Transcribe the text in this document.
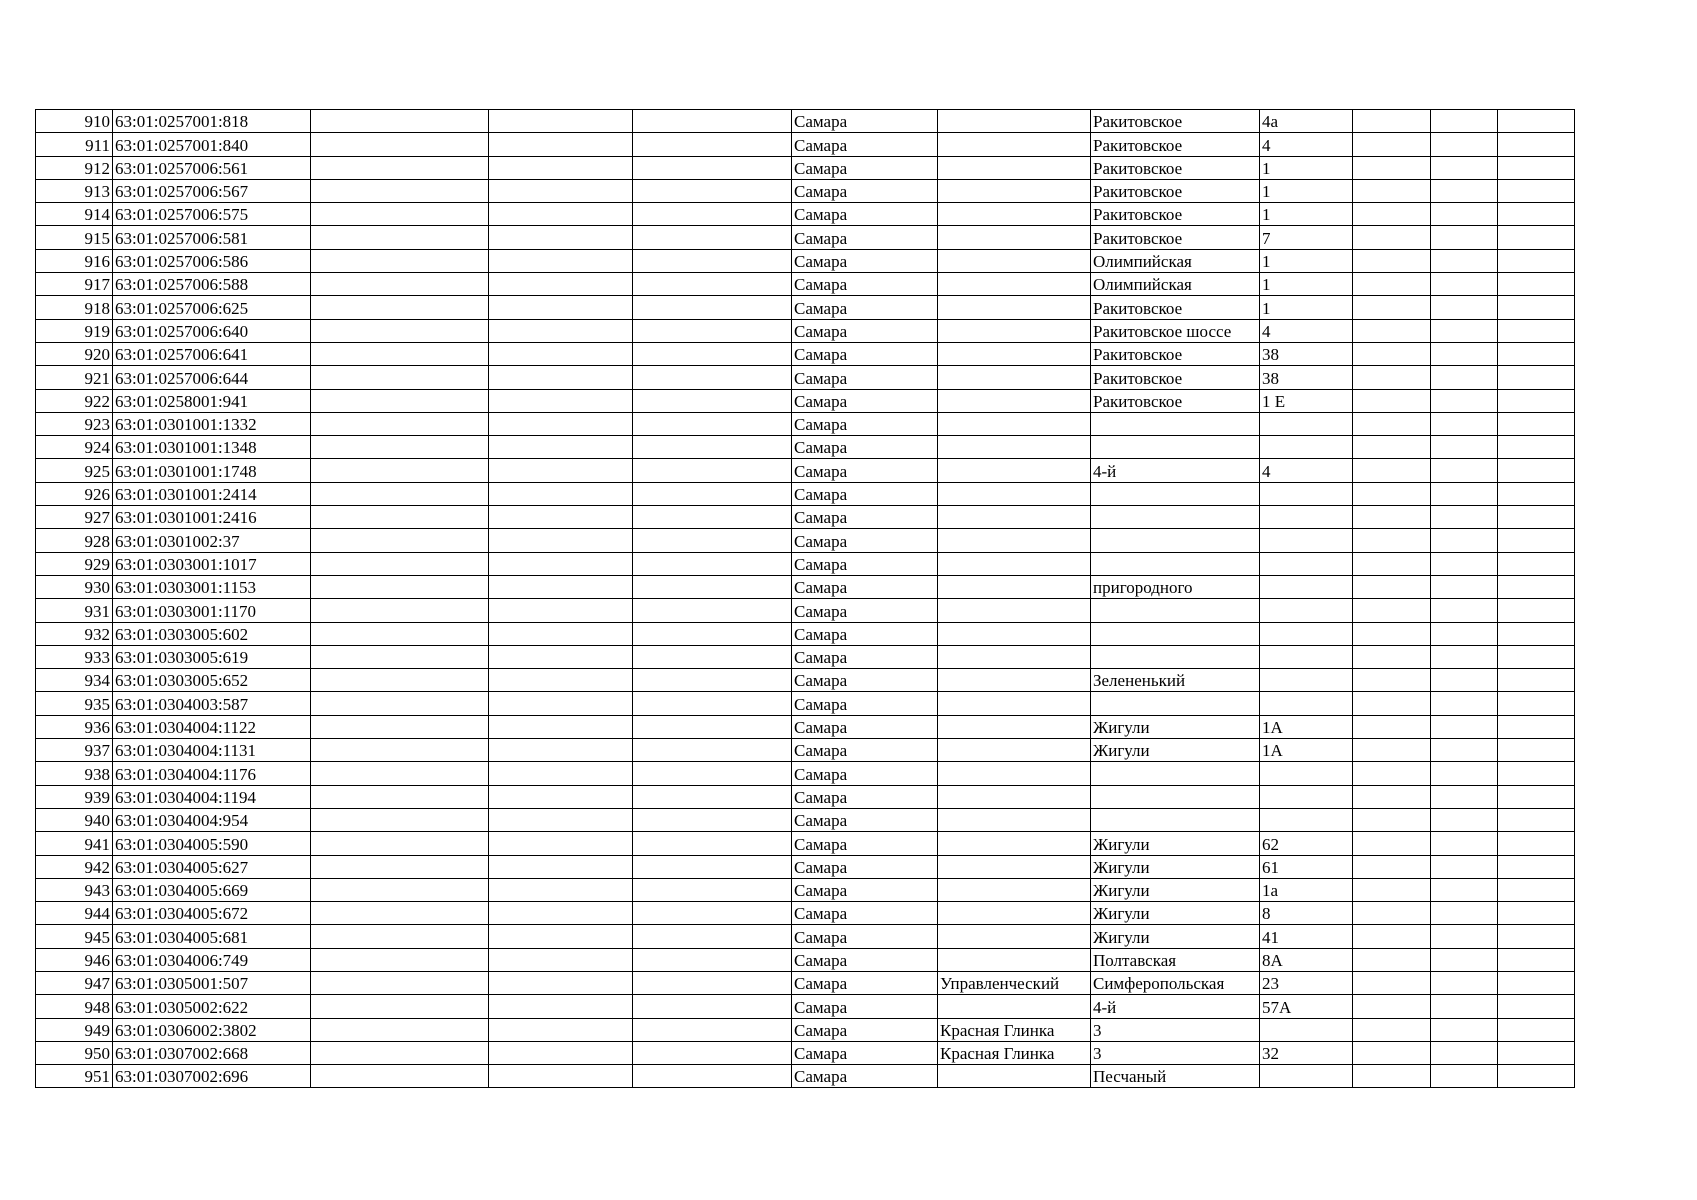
910	63:01:0257001:818				Самара		Ракитовское	4а			
911	63:01:0257001:840				Самара		Ракитовское	4			
912	63:01:0257006:561				Самара		Ракитовское	1			
913	63:01:0257006:567				Самара		Ракитовское	1			
914	63:01:0257006:575				Самара		Ракитовское	1			
915	63:01:0257006:581				Самара		Ракитовское	7			
916	63:01:0257006:586				Самара		Олимпийская	1			
917	63:01:0257006:588				Самара		Олимпийская	1			
918	63:01:0257006:625				Самара		Ракитовское	1			
919	63:01:0257006:640				Самара		Ракитовское шоссе	4			
920	63:01:0257006:641				Самара		Ракитовское	38			
921	63:01:0257006:644				Самара		Ракитовское	38			
922	63:01:0258001:941				Самара		Ракитовское	1 Е			
923	63:01:0301001:1332				Самара						
924	63:01:0301001:1348				Самара						
925	63:01:0301001:1748				Самара		4-й	4			
926	63:01:0301001:2414				Самара						
927	63:01:0301001:2416				Самара						
928	63:01:0301002:37				Самара						
929	63:01:0303001:1017				Самара						
930	63:01:0303001:1153				Самара		пригородного				
931	63:01:0303001:1170				Самара						
932	63:01:0303005:602				Самара						
933	63:01:0303005:619				Самара						
934	63:01:0303005:652				Самара		Зелененький				
935	63:01:0304003:587				Самара						
936	63:01:0304004:1122				Самара		Жигули	1А			
937	63:01:0304004:1131				Самара		Жигули	1А			
938	63:01:0304004:1176				Самара						
939	63:01:0304004:1194				Самара						
940	63:01:0304004:954				Самара						
941	63:01:0304005:590				Самара		Жигули	62			
942	63:01:0304005:627				Самара		Жигули	61			
943	63:01:0304005:669				Самара		Жигули	1а			
944	63:01:0304005:672				Самара		Жигули	8			
945	63:01:0304005:681				Самара		Жигули	41			
946	63:01:0304006:749				Самара		Полтавская	8А			
947	63:01:0305001:507				Самара	Управленческий	Симферопольская	23			
948	63:01:0305002:622				Самара		4-й	57А			
949	63:01:0306002:3802				Самара	Красная Глинка	3				
950	63:01:0307002:668				Самара	Красная Глинка	3	32			
951	63:01:0307002:696				Самара		Песчаный				
